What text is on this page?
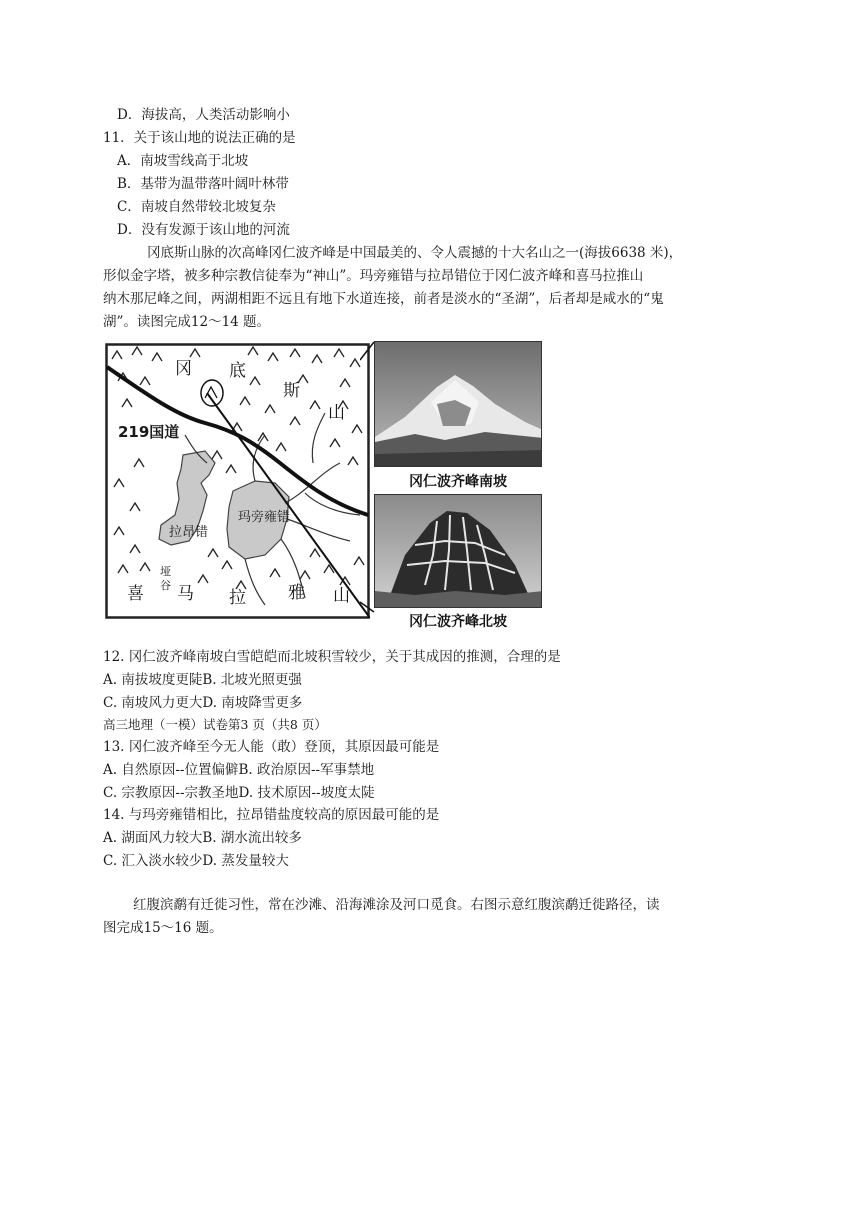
D．海拔高，人类活动影响小
11．关于该山地的说法正确的是
A．南坡雪线高于北坡
B．基带为温带落叶阔叶林带
C．南坡自然带较北坡复杂
D．没有发源于该山地的河流
冈底斯山脉的次高峰冈仁波齐峰是中国最美的、令人震撼的十大名山之一(海拔6638 米)，
形似金字塔，被多种宗教信徒奉为“神山”。玛旁雍错与拉昂错位于冈仁波齐峰和喜马拉推山
纳木那尼峰之间，两湖相距不远且有地下水道连接，前者是淡水的“圣湖”，后者却是咸水的“鬼
湖”。读图完成12～14 题。
冈 底
斯
山
219国道
拉昂错
玛旁雍错
垭
谷
喜 马 拉 雅 山
冈仁波齐峰南坡
冈仁波齐峰北坡
12. 冈仁波齐峰南坡白雪皑皑而北坡积雪较少，关于其成因的推测，合理的是
A. 南拔坡度更陡B. 北坡光照更强
C. 南坡风力更大D. 南坡降雪更多
高三地理（一模）试卷第3 页（共8 页）
13. 冈仁波齐峰至今无人能（敢）登顶，其原因最可能是
A. 自然原因--位置偏僻B. 政治原因--军事禁地
C. 宗教原因--宗教圣地D. 技术原因--坡度太陡
14. 与玛旁雍错相比，拉昂错盐度较高的原因最可能的是
A. 湖面风力较大B. 湖水流出较多
C. 汇入淡水较少D. 蒸发量较大
红腹滨鹬有迁徙习性，常在沙滩、沿海滩涂及河口觅食。右图示意红腹滨鹬迁徙路径，读
图完成15～16 题。
